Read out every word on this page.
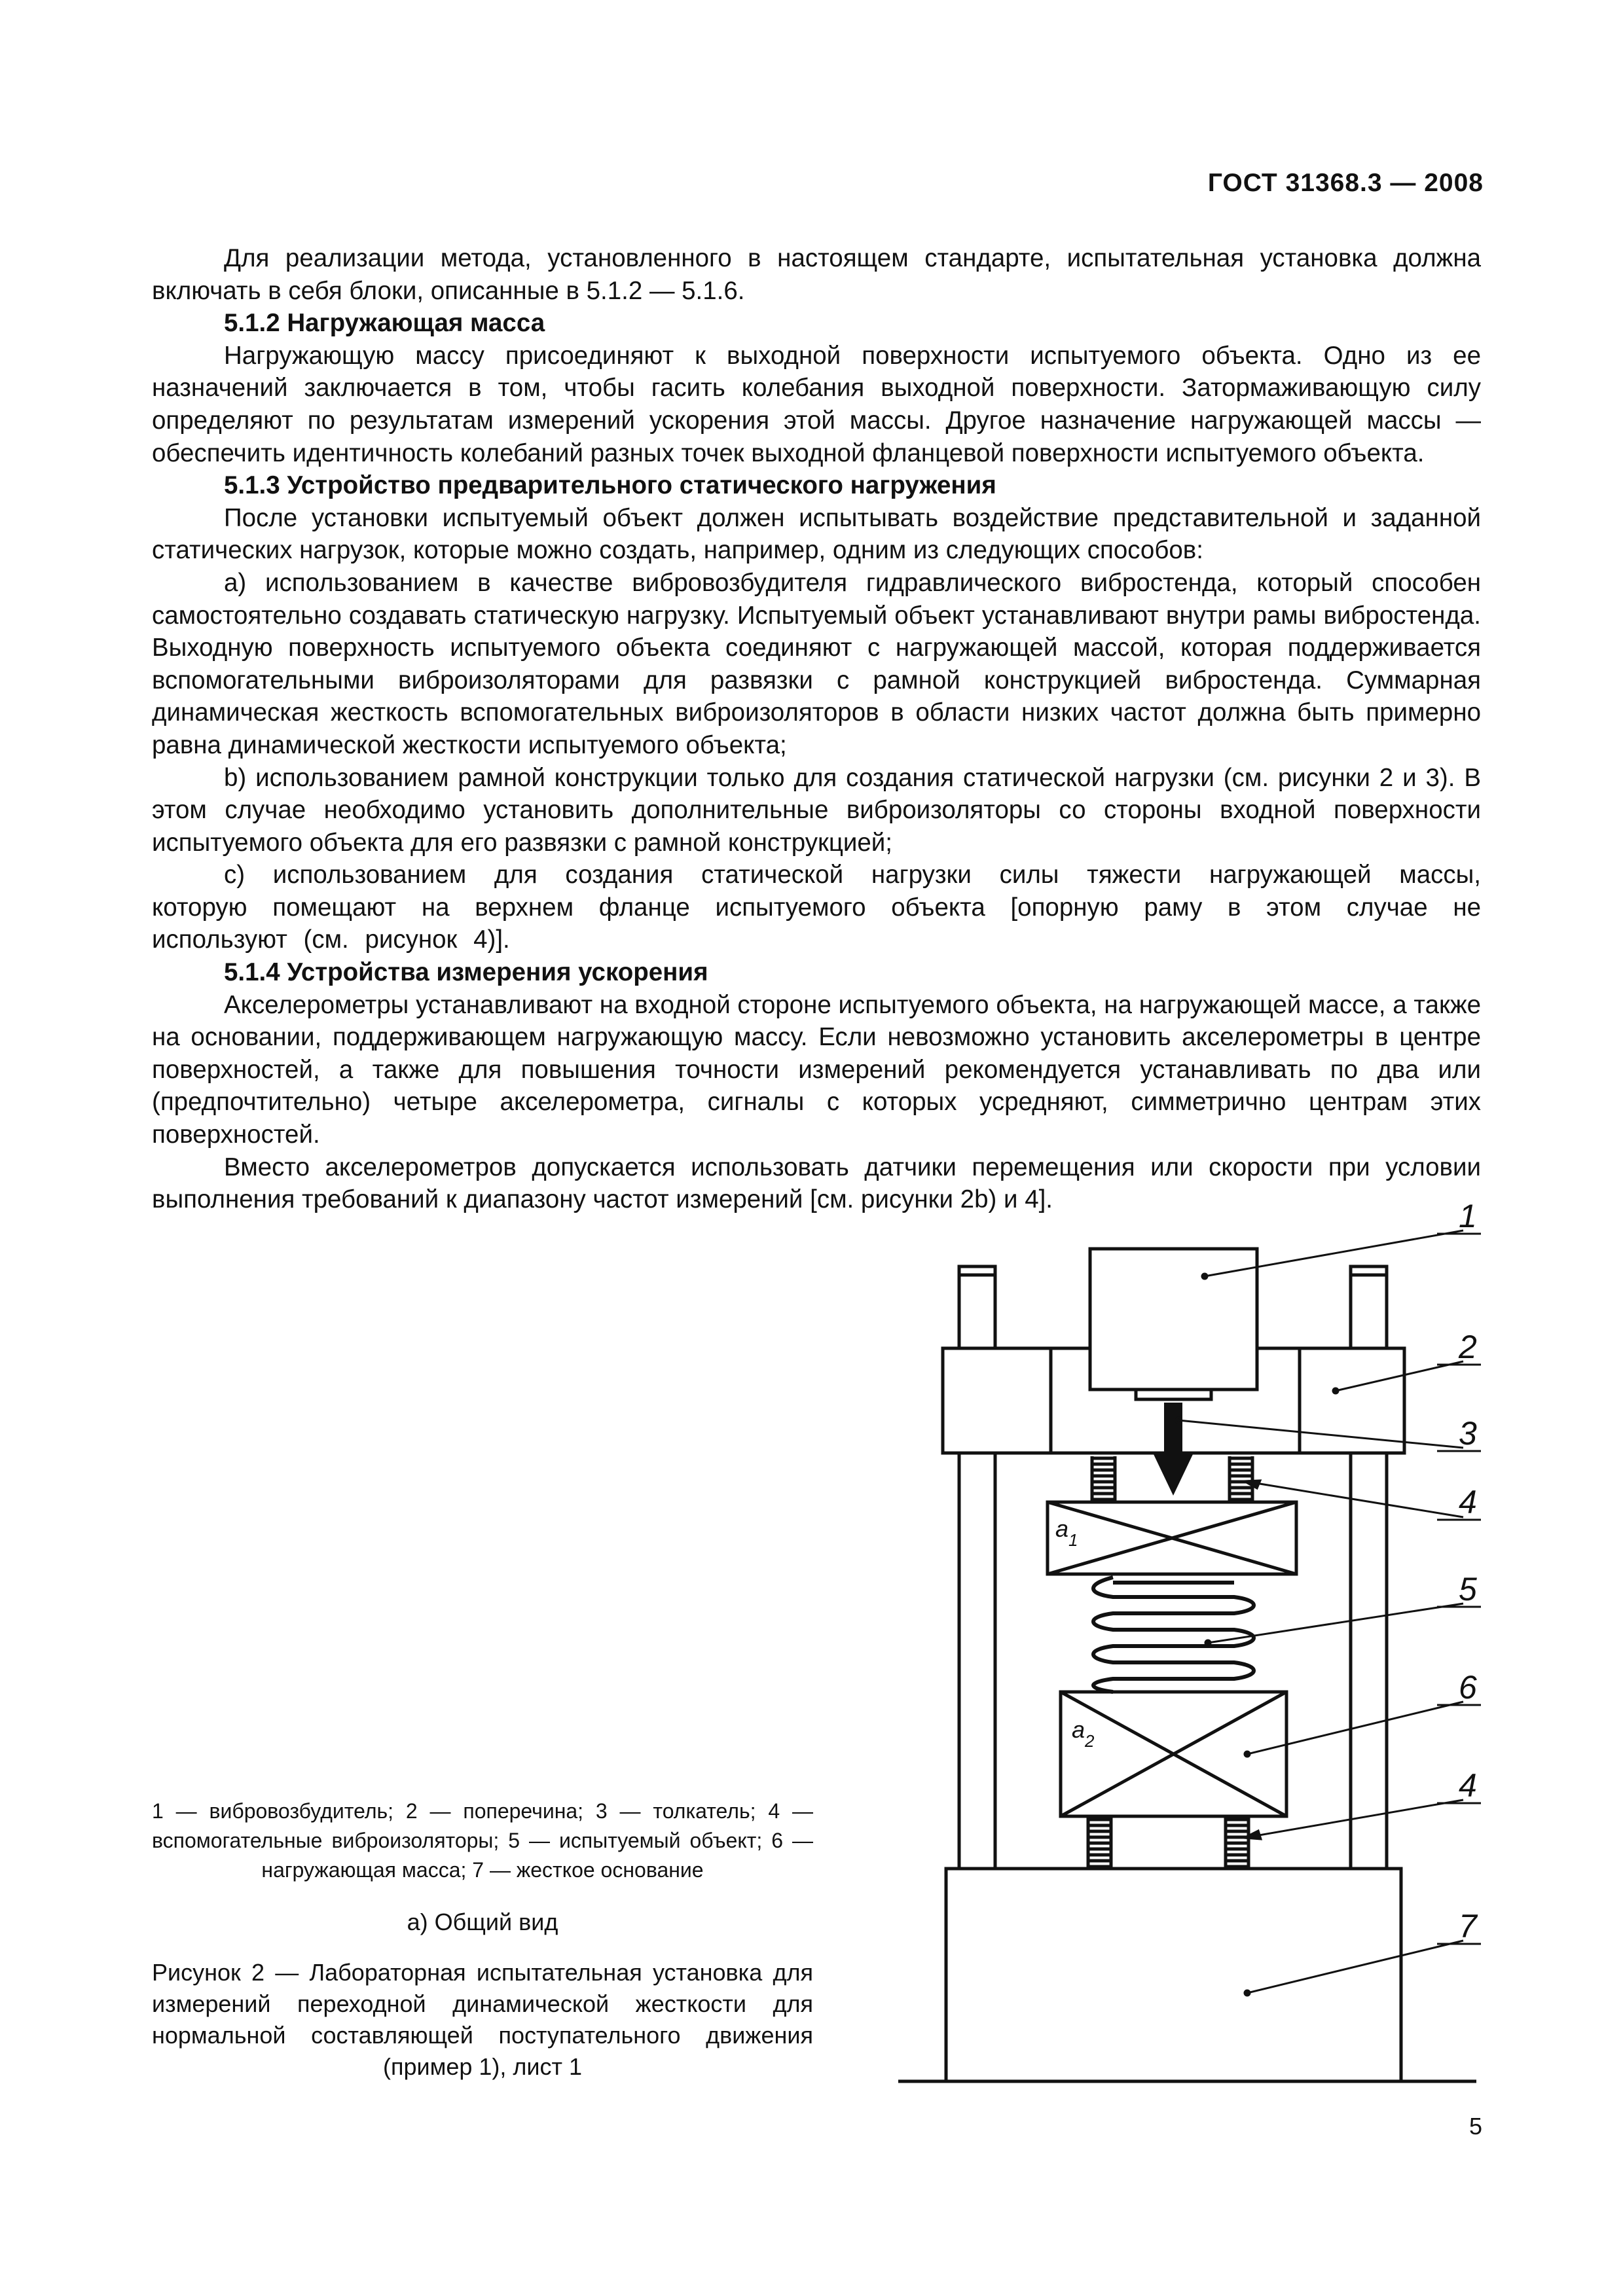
ГОСТ 31368.3 — 2008

Для реализации метода, установленного в настоящем стандарте, испытательная установка должна включать в себя блоки, описанные в 5.1.2 — 5.1.6.

5.1.2 Нагружающая масса

Нагружающую массу присоединяют к выходной поверхности испытуемого объекта. Одно из ее назначений заключается в том, чтобы гасить колебания выходной поверхности. Затормаживающую силу определяют по результатам измерений ускорения этой массы. Другое назначение нагружающей массы — обеспечить идентичность колебаний разных точек выходной фланцевой поверхности испытуемого объекта.

5.1.3 Устройство предварительного статического нагружения

После установки испытуемый объект должен испытывать воздействие представительной и заданной статических нагрузок, которые можно создать, например, одним из следующих способов:

а) использованием в качестве вибровозбудителя гидравлического вибростенда, который способен самостоятельно создавать статическую нагрузку. Испытуемый объект устанавливают внутри рамы вибростенда. Выходную поверхность испытуемого объекта соединяют с нагружающей массой, которая поддерживается вспомогательными виброизоляторами для развязки с рамной конструкцией вибростенда. Суммарная динамическая жесткость вспомогательных виброизоляторов в области низких частот должна быть примерно равна динамической жесткости испытуемого объекта;

b) использованием рамной конструкции только для создания статической нагрузки (см. рисунки 2 и 3). В этом случае необходимо установить дополнительные виброизоляторы со стороны входной поверхности испытуемого объекта для его развязки с рамной конструкцией;

с) использованием для создания статической нагрузки силы тяжести нагружающей массы, которую помещают на верхнем фланце испытуемого объекта [опорную раму в этом случае не используют (см. рисунок 4)].

5.1.4 Устройства измерения ускорения

Акселерометры устанавливают на входной стороне испытуемого объекта, на нагружающей массе, а также на основании, поддерживающем нагружающую массу. Если невозможно установить акселерометры в центре поверхностей, а также для повышения точности измерений рекомендуется устанавливать по два или (предпочтительно) четыре акселерометра, сигналы с которых усредняют, симметрично центрам этих поверхностей.

Вместо акселерометров допускается использовать датчики перемещения или скорости при условии выполнения требований к диапазону частот измерений [см. рисунки 2b) и 4].

1 — вибровозбудитель; 2 — поперечина; 3 — толкатель; 4 — вспомогательные виброизоляторы; 5 — испытуемый объект; 6 — нагружающая масса; 7 — жесткое основание

а) Общий вид
Рисунок 2 — Лабораторная испытательная установка для измерений переходной динамической жесткости для нормальной составляющей поступательного движения (пример 1), лист 1
$a_1$
$a_2$
1
2
3
4
5
6
4
7
5
